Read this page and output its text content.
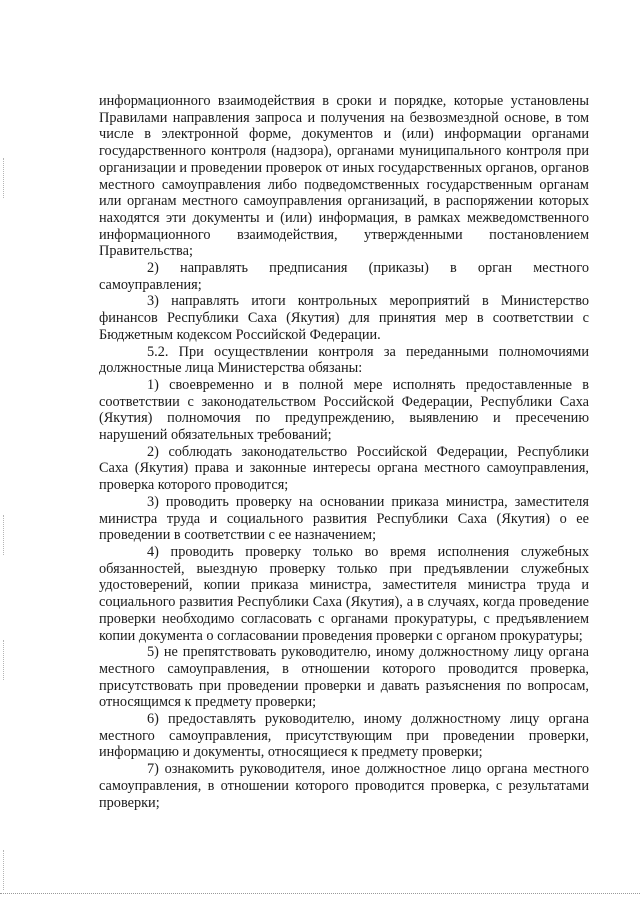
информационного взаимодействия в сроки и порядке, которые установлены Правилами направления запроса и получения на безвозмездной основе, в том числе в электронной форме, документов и (или) информации органами государственного контроля (надзора), органами муниципального контроля при организации и проведении проверок от иных государственных органов, органов местного самоуправления либо подведомственных государственным органам или органам местного самоуправления организаций, в распоряжении которых находятся эти документы и (или) информация, в рамках межведомственного информационного взаимодействия, утвержденными постановлением Правительства;

2) направлять предписания (приказы) в орган местного самоуправления;

3) направлять итоги контрольных мероприятий в Министерство финансов Республики Саха (Якутия) для принятия мер в соответствии с Бюджетным кодексом Российской Федерации.

5.2. При осуществлении контроля за переданными полномочиями должностные лица Министерства обязаны:

1) своевременно и в полной мере исполнять предоставленные в соответствии с законодательством Российской Федерации, Республики Саха (Якутия) полномочия по предупреждению, выявлению и пресечению нарушений обязательных требований;

2) соблюдать законодательство Российской Федерации, Республики Саха (Якутия) права и законные интересы органа местного самоуправления, проверка которого проводится;

3) проводить проверку на основании приказа министра, заместителя министра труда и социального развития Республики Саха (Якутия) о ее проведении в соответствии с ее назначением;

4) проводить проверку только во время исполнения служебных обязанностей, выездную проверку только при предъявлении служебных удостоверений, копии приказа министра, заместителя министра труда и социального развития Республики Саха (Якутия), а в случаях, когда проведение проверки необходимо согласовать с органами прокуратуры, с предъявлением копии документа о согласовании проведения проверки с органом прокуратуры;

5) не препятствовать руководителю, иному должностному лицу органа местного самоуправления, в отношении которого проводится проверка, присутствовать при проведении проверки и давать разъяснения по вопросам, относящимся к предмету проверки;

6) предоставлять руководителю, иному должностному лицу органа местного самоуправления, присутствующим при проведении проверки, информацию и документы, относящиеся к предмету проверки;

7) ознакомить руководителя, иное должностное лицо органа местного самоуправления, в отношении которого проводится проверка, с результатами проверки;
